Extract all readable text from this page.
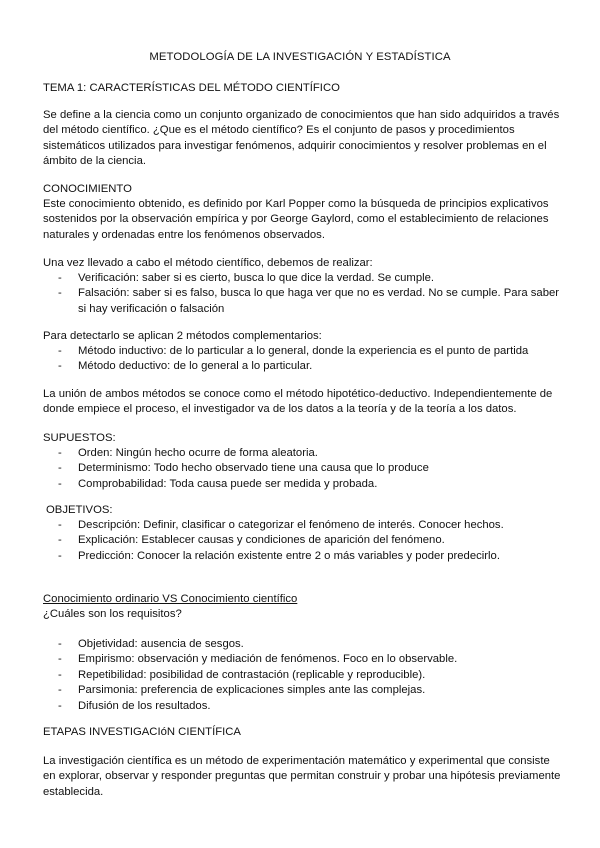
METODOLOGÍA DE LA INVESTIGACIÓN Y ESTADÍSTICA
TEMA 1: CARACTERÍSTICAS DEL MÉTODO CIENTÍFICO
Se define a la ciencia como un conjunto organizado de conocimientos que han sido adquiridos a través del método científico. ¿Que es el método científico? Es el conjunto de pasos y procedimientos sistemáticos utilizados para investigar fenómenos, adquirir conocimientos y resolver problemas en el ámbito de la ciencia.
CONOCIMIENTO
Este conocimiento obtenido, es definido por Karl Popper como la búsqueda de principios explicativos sostenidos por la observación empírica y por George Gaylord, como el establecimiento de relaciones naturales y ordenadas entre los fenómenos observados.
Una vez llevado a cabo el método científico, debemos de realizar:
- Verificación: saber si es cierto, busca lo que dice la verdad. Se cumple.
- Falsación: saber si es falso, busca lo que haga ver que no es verdad. No se cumple. Para saber si hay verificación o falsación
Para detectarlo se aplican 2 métodos complementarios:
- Método inductivo: de lo particular a lo general, donde la experiencia es el punto de partida
- Método deductivo: de lo general a lo particular.
La unión de ambos métodos se conoce como el método hipotético-deductivo. Independientemente de donde empiece el proceso, el investigador va de los datos a la teoría y de la teoría a los datos.
SUPUESTOS:
- Orden: Ningún hecho ocurre de forma aleatoria.
- Determinismo: Todo hecho observado tiene una causa que lo produce
- Comprobabilidad: Toda causa puede ser medida y probada.
OBJETIVOS:
- Descripción: Definir, clasificar o categorizar el fenómeno de interés. Conocer hechos.
- Explicación: Establecer causas y condiciones de aparición del fenómeno.
- Predicción: Conocer la relación existente entre 2 o más variables y poder predecirlo.
Conocimiento ordinario VS Conocimiento científico
¿Cuáles son los requisitos?
- Objetividad: ausencia de sesgos.
- Empirismo: observación y mediación de fenómenos. Foco en lo observable.
- Repetibilidad: posibilidad de contrastación (replicable y reproducible).
- Parsimonia: preferencia de explicaciones simples ante las complejas.
- Difusión de los resultados.
ETAPAS INVESTIGACIóN CIENTÍFICA
La investigación científica es un método de experimentación matemático y experimental que consiste en explorar, observar y responder preguntas que permitan construir y probar una hipótesis previamente establecida.
